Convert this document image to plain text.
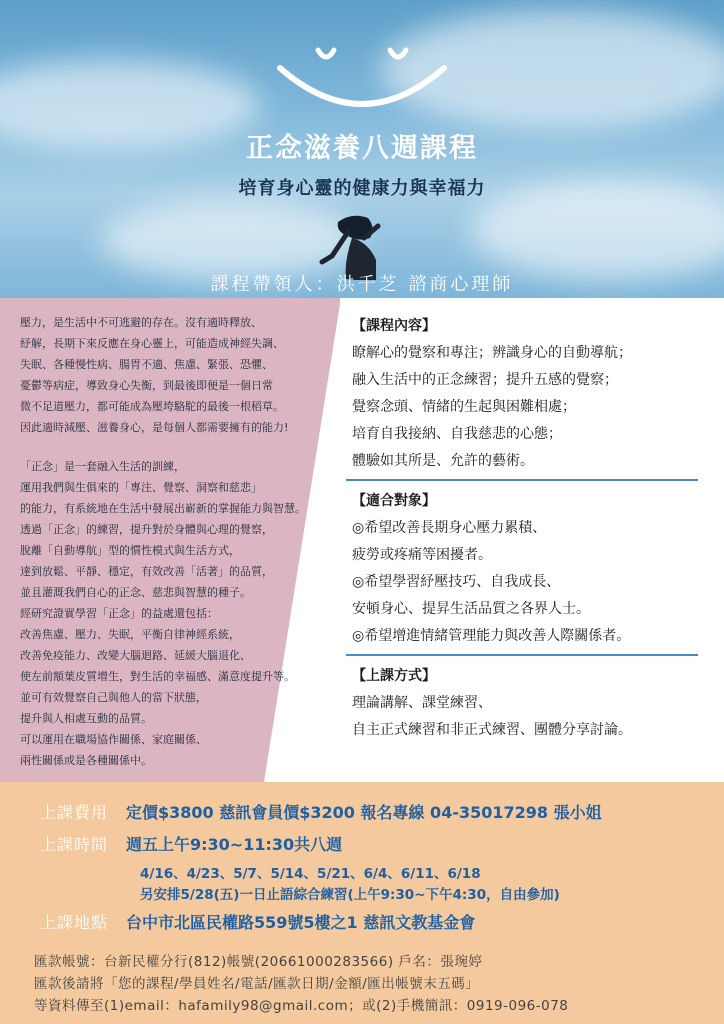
正念滋養八週課程
培育身心靈的健康力與幸福力
課程帶領人：洪千芝 諮商心理師

壓力，是生活中不可逃避的存在。沒有適時釋放、

紓解，長期下來反應在身心靈上，可能造成神經失調、

失眠、各種慢性病、腸胃不適、焦慮、緊張、恐懼、

憂鬱等病症，導致身心失衡，到最後即便是一個日常

微不足道壓力，都可能成為壓垮駱駝的最後一根稻草。

因此適時減壓、滋養身心，是每個人都需要擁有的能力!

「正念」是一套融入生活的訓練，

運用我們與生俱來的「專注、覺察、洞察和慈悲」

的能力，有系統地在生活中發展出嶄新的掌握能力與智慧。

透過「正念」的練習，提升對於身體與心理的覺察，

脫離「自動導航」型的慣性模式與生活方式，

達到放鬆、平靜、穩定，有效改善「活著」的品質，

並且灌溉我們自心的正念、慈悲與智慧的種子。

經研究證實學習「正念」的益處還包括：

改善焦慮、壓力、失眠，平衡自律神經系統，

改善免疫能力、改變大腦迴路、延緩大腦退化、

使左前額葉皮質增生，對生活的幸福感、滿意度提升等。

並可有效覺察自己與他人的當下狀態，

提升與人相處互動的品質。

可以運用在職場協作關係、家庭關係、

兩性關係或是各種關係中。

【課程內容】
瞭解心的覺察和專注；辨識身心的自動導航；
融入生活中的正念練習；提升五感的覺察；
覺察念頭、情緒的生起與困難相處；
培育自我接納、自我慈悲的心態；
體驗如其所是、允許的藝術。
【適合對象】
◎希望改善長期身心壓力累積、
疲勞或疼痛等困擾者。
◎希望學習紓壓技巧、自我成長、
安頓身心、提昇生活品質之各界人士。
◎希望增進情緒管理能力與改善人際關係者。
【上課方式】
理論講解、課堂練習、
自主正式練習和非正式練習、團體分享討論。
上課費用 定價$3800 慈訊會員價$3200 報名專線 04-35017298 張小姐
上課時間 週五上午9:30~11:30共八週
4/16、4/23、5/7、5/14、5/21、6/4、6/11、6/18
另安排5/28(五)一日止語綜合練習(上午9:30~下午4:30，自由參加)
上課地點 台中市北區民權路559號5樓之1 慈訊文教基金會
匯款帳號：台新民權分行(812)帳號(20661000283566) 戶名：張琬婷
匯款後請將「您的課程/學員姓名/電話/匯款日期/金額/匯出帳號末五碼」
等資料傳至(1)email：hafamily98@gmail.com；或(2)手機簡訊：0919-096-078
